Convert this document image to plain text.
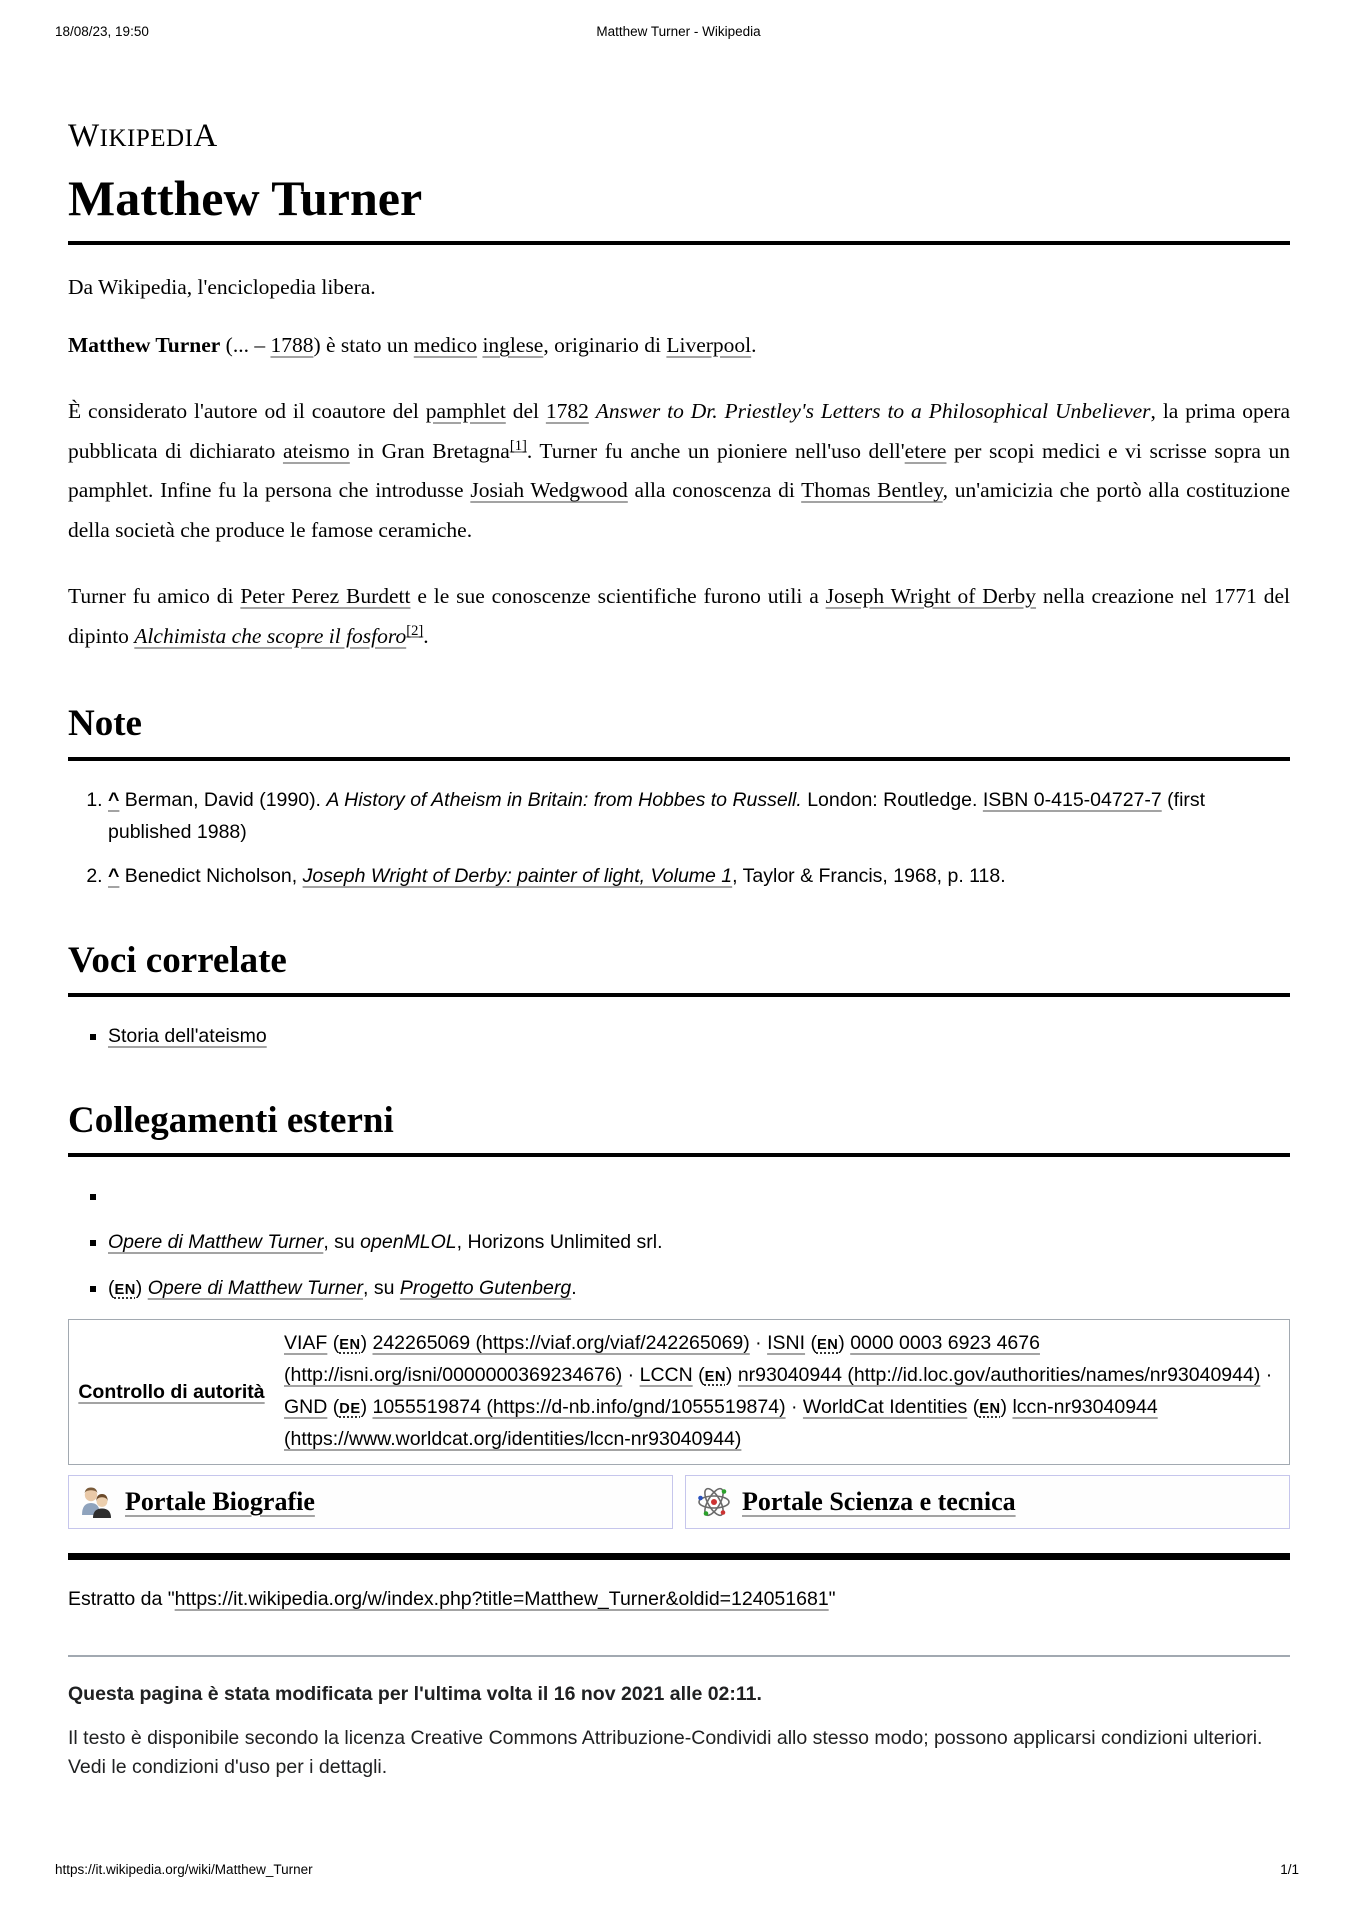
18/08/23, 19:50	Matthew Turner - Wikipedia
WIKIPEDIA
Matthew Turner

Da Wikipedia, l'enciclopedia libera.

Matthew Turner (... – 1788) è stato un medico inglese, originario di Liverpool.

È considerato l'autore od il coautore del pamphlet del 1782 Answer to Dr. Priestley's Letters to a Philosophical Unbeliever, la prima opera pubblicata di dichiarato ateismo in Gran Bretagna[1]. Turner fu anche un pioniere nell'uso dell'etere per scopi medici e vi scrisse sopra un pamphlet. Infine fu la persona che introdusse Josiah Wedgwood alla conoscenza di Thomas Bentley, un'amicizia che portò alla costituzione della società che produce le famose ceramiche.

Turner fu amico di Peter Perez Burdett e le sue conoscenze scientifiche furono utili a Joseph Wright of Derby nella creazione nel 1771 del dipinto Alchimista che scopre il fosforo[2].

Note
1. ^ Berman, David (1990). A History of Atheism in Britain: from Hobbes to Russell. London: Routledge. ISBN 0-415-04727-7 (first published 1988)
2. ^ Benedict Nicholson, Joseph Wright of Derby: painter of light, Volume 1, Taylor & Francis, 1968, p. 118.
Voci correlate
▪ Storia dell'ateismo
Collegamenti esterni
▪
▪ Opere di Matthew Turner, su openMLOL, Horizons Unlimited srl.
▪ (EN) Opere di Matthew Turner, su Progetto Gutenberg.
Controllo di autorità
VIAF (EN) 242265069 (https://viaf.org/viaf/242265069) · ISNI (EN) 0000 0003 6923 4676 (http://isni.org/isni/0000000369234676) · LCCN (EN) nr93040944 (http://id.loc.gov/authorities/names/nr93040944) · GND (DE) 1055519874 (https://d-nb.info/gnd/1055519874) · WorldCat Identities (EN) lccn-nr93040944 (https://www.worldcat.org/identities/lccn-nr93040944)
Portale Biografie	Portale Scienza e tecnica

Estratto da "https://it.wikipedia.org/w/index.php?title=Matthew_Turner&oldid=124051681"

Questa pagina è stata modificata per l'ultima volta il 16 nov 2021 alle 02:11.

Il testo è disponibile secondo la licenza Creative Commons Attribuzione-Condividi allo stesso modo; possono applicarsi condizioni ulteriori. Vedi le condizioni d'uso per i dettagli.

https://it.wikipedia.org/wiki/Matthew_Turner	1/1
